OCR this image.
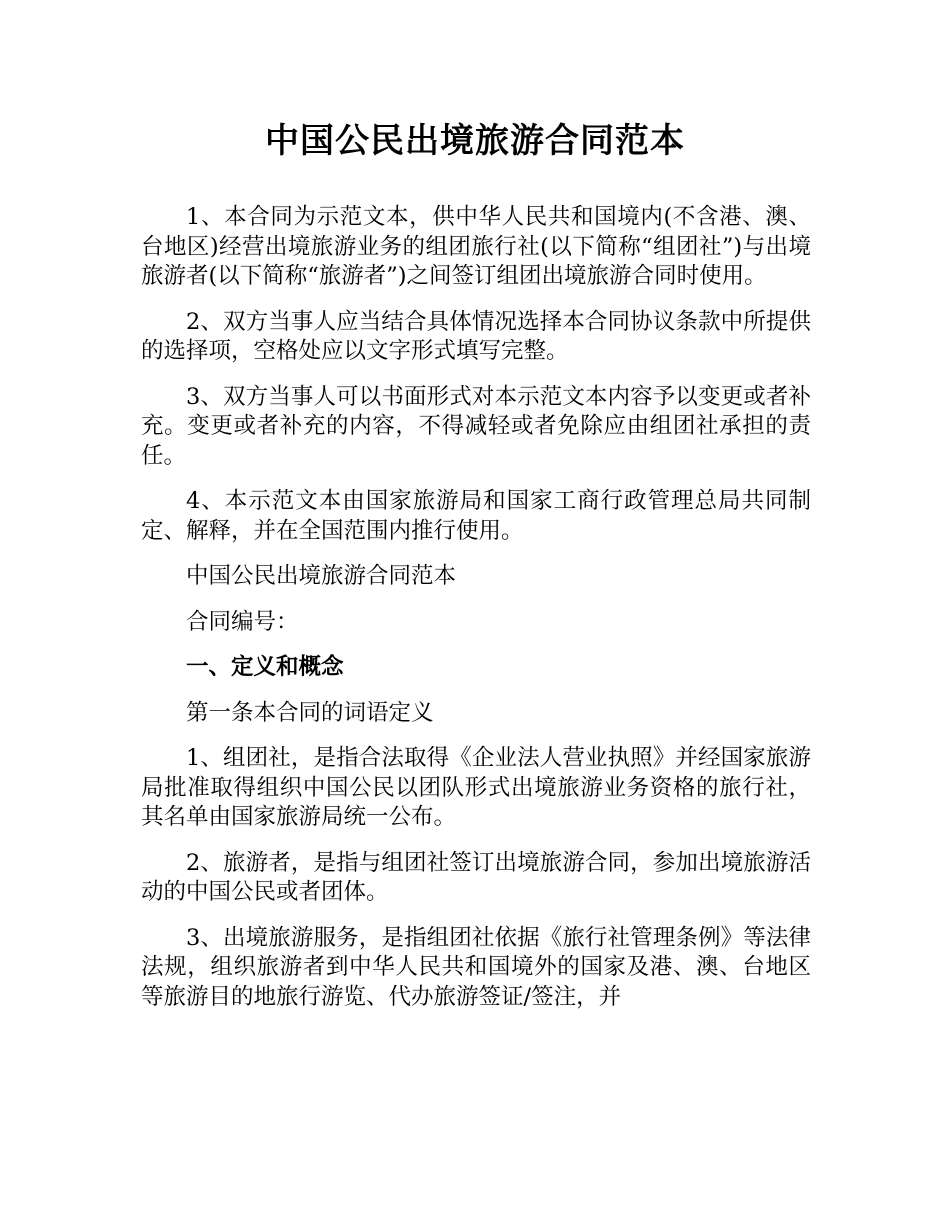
中国公民出境旅游合同范本

1、本合同为示范文本，供中华人民共和国境内(不含港、澳、台地区)经营出境旅游业务的组团旅行社(以下简称“组团社”)与出境旅游者(以下简称“旅游者”)之间签订组团出境旅游合同时使用。

2、双方当事人应当结合具体情况选择本合同协议条款中所提供的选择项，空格处应以文字形式填写完整。

3、双方当事人可以书面形式对本示范文本内容予以变更或者补充。变更或者补充的内容，不得减轻或者免除应由组团社承担的责任。

4、本示范文本由国家旅游局和国家工商行政管理总局共同制定、解释，并在全国范围内推行使用。

中国公民出境旅游合同范本

合同编号：

一、定义和概念

第一条本合同的词语定义

1、组团社，是指合法取得《企业法人营业执照》并经国家旅游局批准取得组织中国公民以团队形式出境旅游业务资格的旅行社，其名单由国家旅游局统一公布。

2、旅游者，是指与组团社签订出境旅游合同，参加出境旅游活动的中国公民或者团体。

3、出境旅游服务，是指组团社依据《旅行社管理条例》等法律法规，组织旅游者到中华人民共和国境外的国家及港、澳、台地区等旅游目的地旅行游览、代办旅游签证/签注，并
